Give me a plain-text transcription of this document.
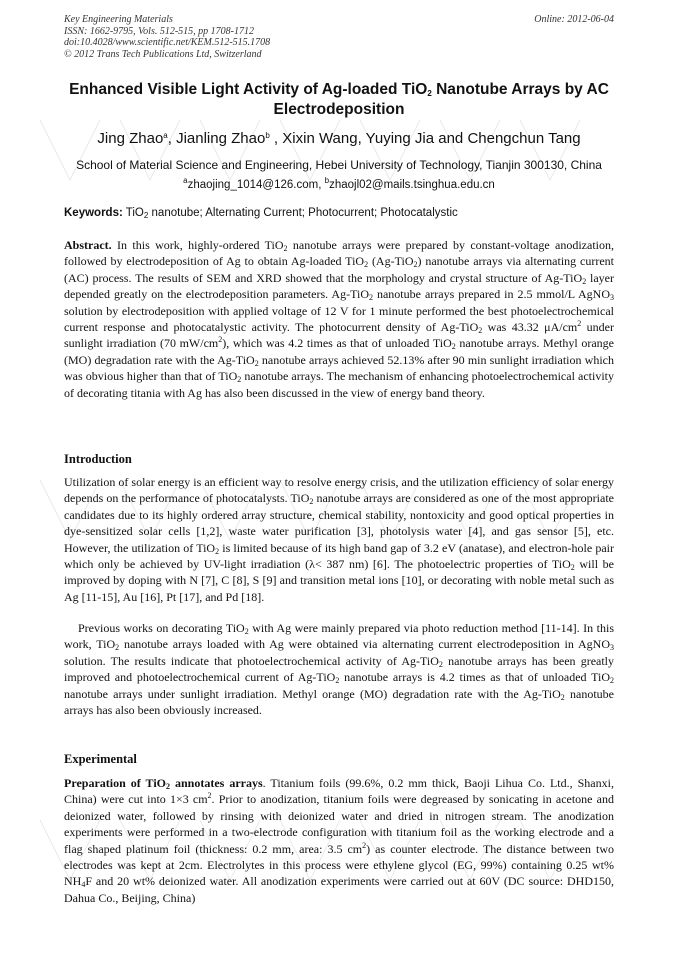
Key Engineering Materials
ISSN: 1662-9795, Vols. 512-515, pp 1708-1712
doi:10.4028/www.scientific.net/KEM.512-515.1708
© 2012 Trans Tech Publications Ltd, Switzerland
Online: 2012-06-04
Enhanced Visible Light Activity of Ag-loaded TiO$_2$ Nanotube Arrays by AC Electrodeposition
Jing Zhao$^a$, Jianling Zhao$^b$ , Xixin Wang, Yuying Jia and Chengchun Tang
School of Material Science and Engineering, Hebei University of Technology, Tianjin 300130, China
$^a$zhaojing_1014@126.com, $^b$zhaojl02@mails.tsinghua.edu.cn
Keywords: TiO$_2$ nanotube; Alternating Current; Photocurrent; Photocatalystic
Abstract. In this work, highly-ordered TiO$_2$ nanotube arrays were prepared by constant-voltage anodization, followed by electrodeposition of Ag to obtain Ag-loaded TiO$_2$ (Ag-TiO$_2$) nanotube arrays via alternating current (AC) process. The results of SEM and XRD showed that the morphology and crystal structure of Ag-TiO$_2$ layer depended greatly on the electrodeposition parameters. Ag-TiO$_2$ nanotube arrays prepared in 2.5 mmol/L AgNO$_3$ solution by electrodeposition with applied voltage of 12 V for 1 minute performed the best photoelectrochemical current response and photocatalystic activity. The photocurrent density of Ag-TiO$_2$ was 43.32 $\mu A/cm^2$ under sunlight irradiation (70 $mW/cm^2$), which was 4.2 times as that of unloaded TiO$_2$ nanotube arrays. Methyl orange (MO) degradation rate with the Ag-TiO$_2$ nanotube arrays achieved 52.13% after 90 min sunlight irradiation which was obvious higher than that of TiO$_2$ nanotube arrays. The mechanism of enhancing photoelectrochemical activity of decorating titania with Ag has also been discussed in the view of energy band theory.
Introduction
Utilization of solar energy is an efficient way to resolve energy crisis, and the utilization efficiency of solar energy depends on the performance of photocatalysts. TiO$_2$ nanotube arrays are considered as one of the most appropriate candidates due to its highly ordered array structure, chemical stability, nontoxicity and good optical properties in dye-sensitized solar cells [1,2], waste water purification [3], photolysis water [4], and gas sensor [5], etc. However, the utilization of TiO$_2$ is limited because of its high band gap of 3.2 eV (anatase), and electron-hole pair which only be achieved by UV-light irradiation (λ< 387 nm) [6]. The photoelectric properties of TiO$_2$ will be improved by doping with N [7], C [8], S [9] and transition metal ions [10], or decorating with noble metal such as Ag [11-15], Au [16], Pt [17], and Pd [18].
Previous works on decorating TiO$_2$ with Ag were mainly prepared via photo reduction method [11-14]. In this work, TiO$_2$ nanotube arrays loaded with Ag were obtained via alternating current electrodeposition in AgNO$_3$ solution. The results indicate that photoelectrochemical activity of Ag-TiO$_2$ nanotube arrays has been greatly improved and photoelectrochemical current of Ag-TiO$_2$ nanotube arrays is 4.2 times as that of unloaded TiO$_2$ nanotube arrays under sunlight irradiation. Methyl orange (MO) degradation rate with the Ag-TiO$_2$ nanotube arrays has also been obviously increased.
Experimental
Preparation of TiO$_2$ annotates arrays. Titanium foils (99.6%, 0.2 mm thick, Baoji Lihua Co. Ltd., Shanxi, China) were cut into 1×3 $cm^2$. Prior to anodization, titanium foils were degreased by sonicating in acetone and deionized water, followed by rinsing with deionized water and dried in nitrogen stream. The anodization experiments were performed in a two-electrode configuration with titanium foil as the working electrode and a flag shaped platinum foil (thickness: 0.2 mm, area: 3.5 $cm^2$) as counter electrode. The distance between two electrodes was kept at 2cm. Electrolytes in this process were ethylene glycol (EG, 99%) containing 0.25 wt% $NH_4F$ and 20 wt% deionized water. All anodization experiments were carried out at 60V (DC source: DHD150, Dahua Co., Beijing, China)
